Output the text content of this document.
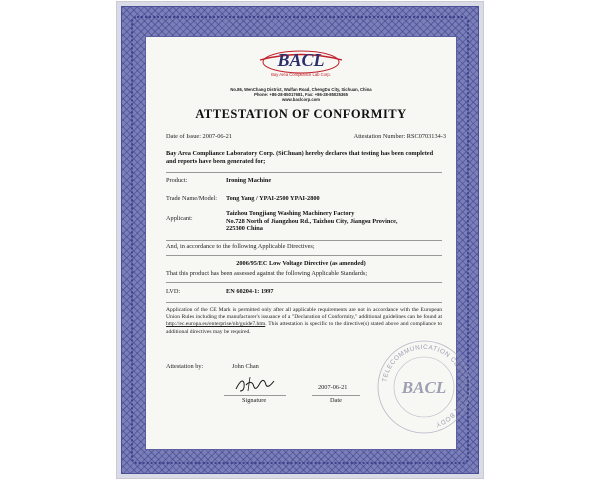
BACL
Bay Area Compliance Lab Corp.
No.86, WenChang District, Wulfan Road, ChengDu City, Sichuan, China
Phone: +86-28-85017681, Fax: +86-28-85025365
www.baclcorp.com
ATTESTATION OF CONFORMITY
Date of Issue: 2007-06-21	Attestation Number: RSC0703134-3
Bay Area Compliance Laboratory Corp. (SiChuan) hereby declares that testing has been completed and reports have been generated for;
Product:	Ironing Machine
Trade Name/Model: Tong Yang / YPAI-2500 YPAI-2800
Applicant:
Taizhou Tongjiang Washing Machinery Factory
No.728 North of Jiangzhou Rd., Taizhou City, Jiangsu Province,
225300 China
And, in accordance to the following Applicable Directives;
2006/95/EC Low Voltage Directive (as amended)
That this product has been assessed against the following Applicable Standards;
LVD:	EN 60204-1: 1997
Application of the CE Mark is permitted only after all applicable requirements are not in accordance with the European Union Rules including the manufacturer's issuance of a "Declaration of Conformity," additional guidelines can be found at http://ec.europa.eu/enterprise/nb/guide7.htm. This attestation is specific to the directive(s) stated above and compliance to additional directives may be required.
Attestation by:	John Chan
Signature
2007-06-21
Date
TELECOMMUNICATION CERTIFICATION BODY
BACL
